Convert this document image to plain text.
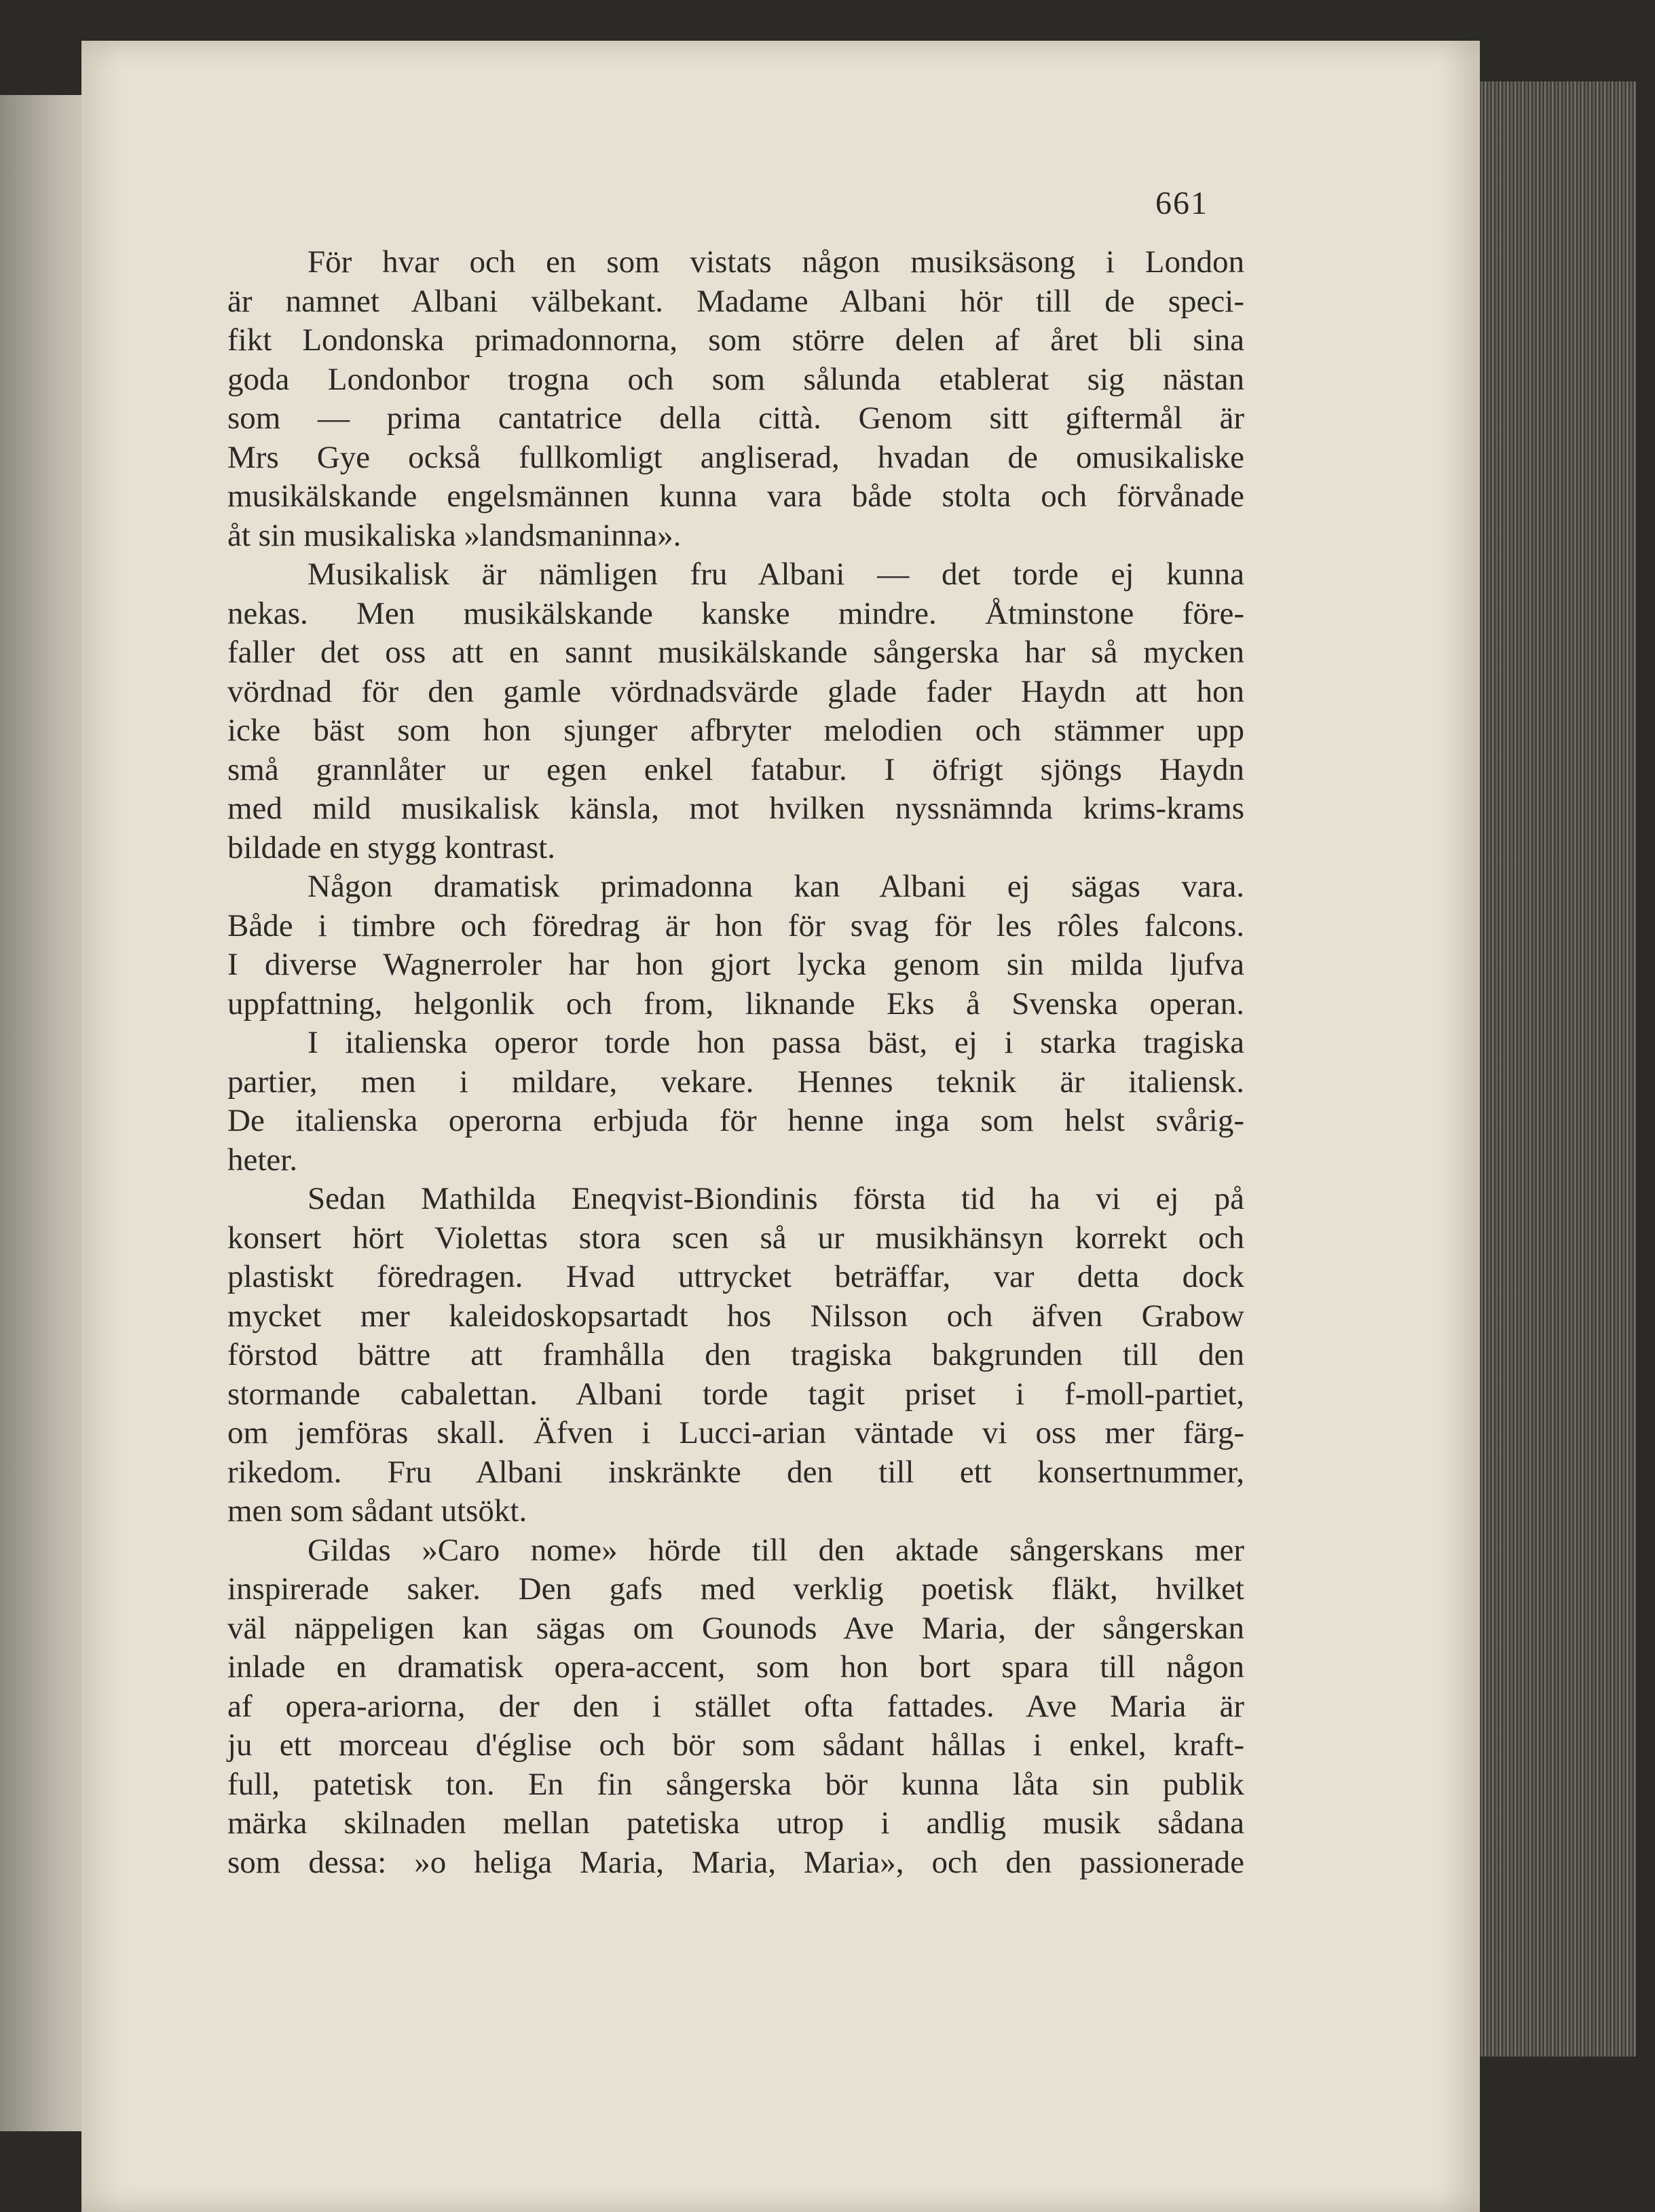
661
För hvar och en som vistats någon musiksäsong i London
är namnet Albani välbekant. Madame Albani hör till de speci-
fikt Londonska primadonnorna, som större delen af året bli sina
goda Londonbor trogna och som sålunda etablerat sig nästan
som — prima cantatrice della città. Genom sitt giftermål är
Mrs Gye också fullkomligt angliserad, hvadan de omusikaliske
musikälskande engelsmännen kunna vara både stolta och förvånade
åt sin musikaliska »landsmaninna».
Musikalisk är nämligen fru Albani — det torde ej kunna
nekas. Men musikälskande kanske mindre. Åtminstone före-
faller det oss att en sannt musikälskande sångerska har så mycken
vördnad för den gamle vördnadsvärde glade fader Haydn att hon
icke bäst som hon sjunger afbryter melodien och stämmer upp
små grannlåter ur egen enkel fatabur. I öfrigt sjöngs Haydn
med mild musikalisk känsla, mot hvilken nyssnämnda krims-krams
bildade en stygg kontrast.
Någon dramatisk primadonna kan Albani ej sägas vara.
Både i timbre och föredrag är hon för svag för les rôles falcons.
I diverse Wagnerroler har hon gjort lycka genom sin milda ljufva
uppfattning, helgonlik och from, liknande Eks å Svenska operan.
I italienska operor torde hon passa bäst, ej i starka tragiska
partier, men i mildare, vekare. Hennes teknik är italiensk.
De italienska operorna erbjuda för henne inga som helst svårig-
heter.
Sedan Mathilda Eneqvist-Biondinis första tid ha vi ej på
konsert hört Violettas stora scen så ur musikhänsyn korrekt och
plastiskt föredragen. Hvad uttrycket beträffar, var detta dock
mycket mer kaleidoskopsartadt hos Nilsson och äfven Grabow
förstod bättre att framhålla den tragiska bakgrunden till den
stormande cabalettan. Albani torde tagit priset i f-moll-partiet,
om jemföras skall. Äfven i Lucci-arian väntade vi oss mer färg-
rikedom. Fru Albani inskränkte den till ett konsertnummer,
men som sådant utsökt.
Gildas »Caro nome» hörde till den aktade sångerskans mer
inspirerade saker. Den gafs med verklig poetisk fläkt, hvilket
väl näppeligen kan sägas om Gounods Ave Maria, der sångerskan
inlade en dramatisk opera-accent, som hon bort spara till någon
af opera-ariorna, der den i stället ofta fattades. Ave Maria är
ju ett morceau d'église och bör som sådant hållas i enkel, kraft-
full, patetisk ton. En fin sångerska bör kunna låta sin publik
märka skilnaden mellan patetiska utrop i andlig musik sådana
som dessa: »o heliga Maria, Maria, Maria», och den passionerade
